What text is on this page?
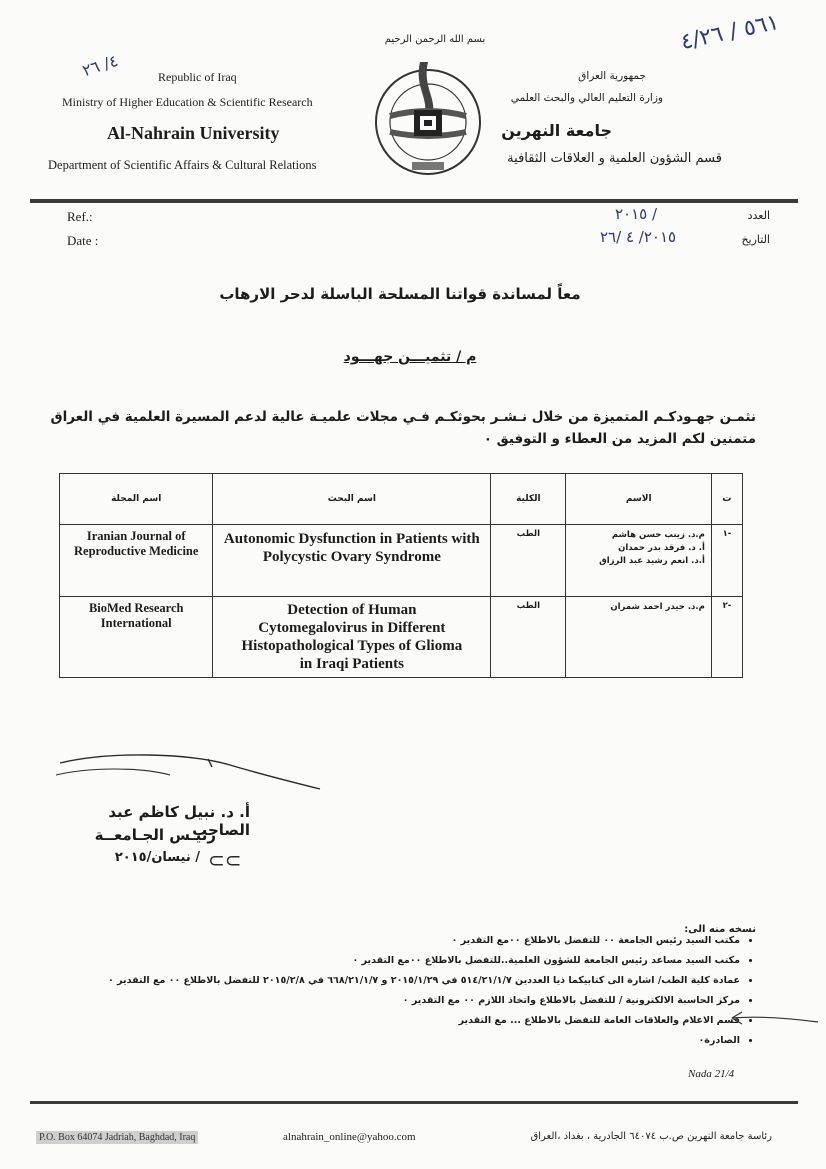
Republic of Iraq
Ministry of Higher Education & Scientific Research
Al-Nahrain University
Department of Scientific Affairs & Cultural Relations
٤/ ٢٦
بسم الله الرحمن الرحيم
جمهورية العراق
وزارة التعليم العالي والبحث العلمي
جامعة النهرين
قسم الشؤون العلمية و العلاقات الثقافية
٥٦١ / ٤/٢٦
Ref.:
Date :
العدد
٢٠١٥ /
التاريخ
٢٠١٥/ ٤ /٢٦
معاً لمساندة قواتنا المسلحة الباسلة لدحر الارهاب
م / تثميـــن جهـــود
نثمـن جهـودكـم المتميزة من خلال نـشـر بحوثكـم فـي مجلات علميـة عالية لدعم المسيرة العلمية في العراق
متمنين لكم المزيد من العطاء و التوفيق ٠
اسم المجلة	اسم البحث	الكلية	الاسم	ت
Iranian Journal of Reproductive Medicine	Autonomic Dysfunction in Patients with Polycystic Ovary Syndrome	الطب	م.د. زينب حسن هاشم
أ. د. فرقد بدر حمدان
أ.د. انعم رشيد عبد الرزاق	-١
BioMed Research International	Detection of Human Cytomegalovirus in Different Histopathological Types of Glioma in Iraqi Patients	الطب	م.د. حيدر احمد شمران	-٢
أ. د. نبيل كاظم عبد الصاحب
رئيـس الجـامعــة
/ نيسان/٢٠١٥ ⊂⊂
نسخه منه الى:
• مكتب السيد رئيس الجامعة ٠٠ للتفضل بالاطلاع ٠٠مع التقدير ٠
• مكتب السيد مساعد رئيس الجامعة للشؤون العلمية..للتفضل بالاطلاع ٠٠مع التقدير ٠
• عمادة كلية الطب/ اشارة الى كتابيكما ذيا العددين ٥١٤/٢١/١/٧ في ٢٠١٥/١/٢٩ و ٦٦٨/٢١/١/٧ في ٢٠١٥/٢/٨ للتفضل بالاطلاع ٠٠ مع التقدير ٠
• مركز الحاسبة الالكترونية / للتفضل بالاطلاع واتخاذ اللازم ٠٠ مع التقدير ٠
• قسم الاعلام والعلاقات العامة للتفضل بالاطلاع ... مع التقدير
• الصادرة٠
Nada 21/4
P.O. Box 64074 Jadriah, Baghdad, Iraq	alnahrain_online@yahoo.com	رئاسة جامعة النهرين ص.ب ٦٤٠٧٤ الجادرية ، بغداد ،العراق
